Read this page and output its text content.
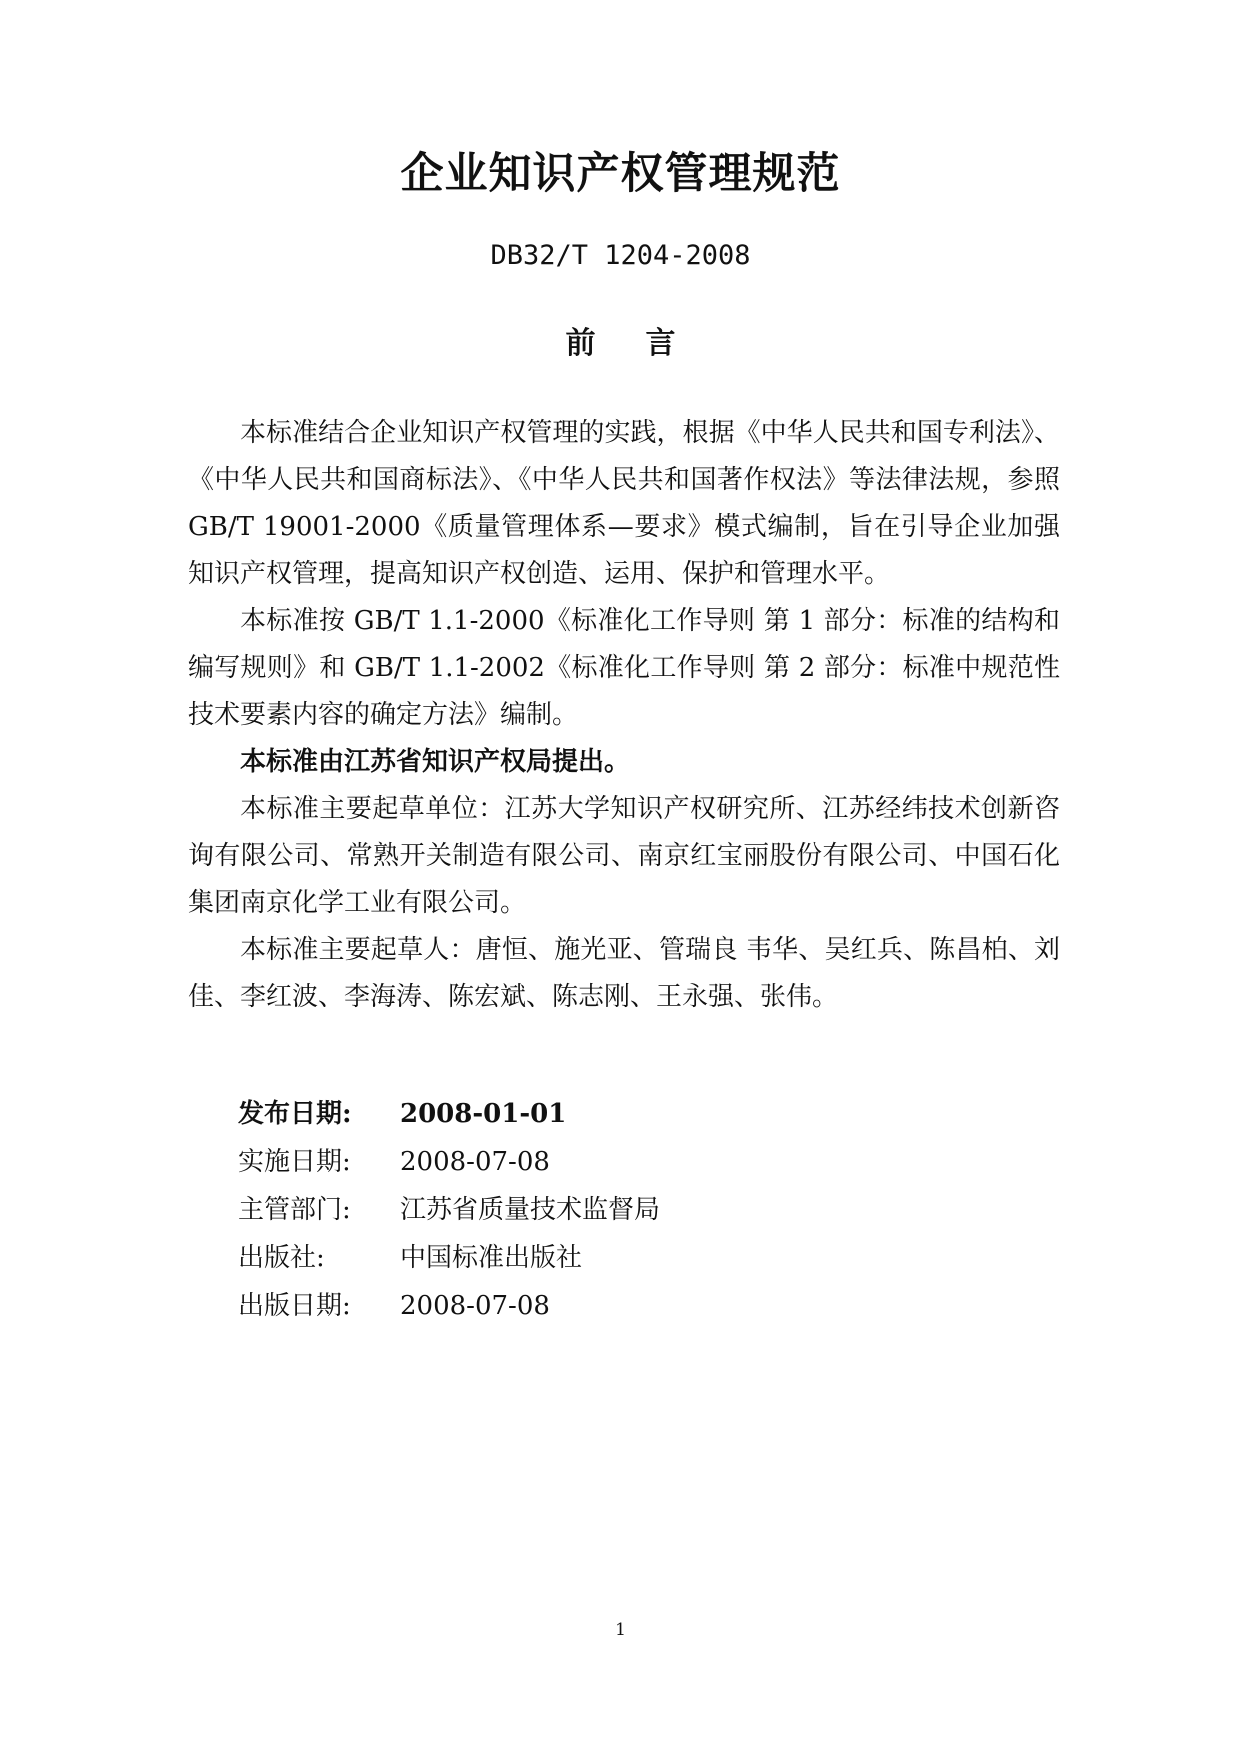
企业知识产权管理规范
DB32/T 1204-2008
前言

本标准结合企业知识产权管理的实践，根据《中华人民共和国专利法》、《中华人民共和国商标法》、《中华人民共和国著作权法》等法律法规，参照 GB/T 19001-2000《质量管理体系—要求》模式编制，旨在引导企业加强知识产权管理，提高知识产权创造、运用、保护和管理水平。

本标准按 GB/T 1.1-2000《标准化工作导则 第 1 部分：标准的结构和编写规则》和 GB/T 1.1-2002《标准化工作导则 第 2 部分：标准中规范性技术要素内容的确定方法》编制。

本标准由江苏省知识产权局提出。

本标准主要起草单位：江苏大学知识产权研究所、江苏经纬技术创新咨询有限公司、常熟开关制造有限公司、南京红宝丽股份有限公司、中国石化集团南京化学工业有限公司。

本标准主要起草人：唐恒、施光亚、管瑞良 韦华、吴红兵、陈昌柏、刘佳、李红波、李海涛、陈宏斌、陈志刚、王永强、张伟。

发布日期:	2008-01-01
实施日期:	2008-07-08
主管部门:	江苏省质量技术监督局
出版社:	中国标准出版社
出版日期:	2008-07-08
1
